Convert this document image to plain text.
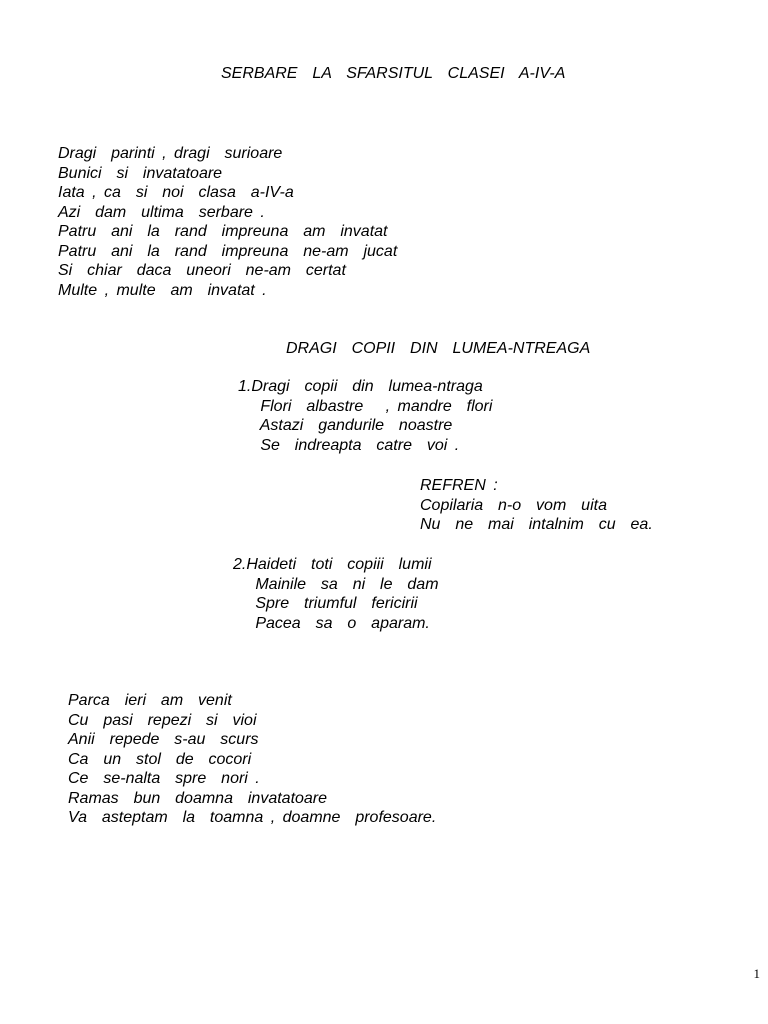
SERBARE  LA  SFARSITUL  CLASEI  A-IV-A
Dragi  parinti , dragi  surioare
Bunici  si  invatatoare
Iata , ca  si  noi  clasa  a-IV-a
Azi  dam  ultima  serbare .
Patru  ani  la  rand  impreuna  am  invatat
Patru  ani  la  rand  impreuna  ne-am  jucat
Si  chiar  daca  uneori  ne-am  certat
Multe , multe  am  invatat .
DRAGI  COPII  DIN  LUMEA-NTREAGA
1.Dragi  copii  din  lumea-ntraga
Flori  albastre   , mandre  flori
Astazi  gandurile  noastre
Se  indreapta  catre  voi .
REFREN :
Copilaria  n-o  vom  uita
Nu  ne  mai  intalnim  cu  ea.
2.Haideti  toti  copiii  lumii
Mainile  sa  ni  le  dam
Spre  triumful  fericirii
Pacea  sa  o  aparam.
Parca  ieri  am  venit
Cu  pasi  repezi  si  vioi
Anii  repede  s-au  scurs
Ca  un  stol  de  cocori
Ce  se-nalta  spre  nori .
Ramas  bun  doamna  invatatoare
Va  asteptam  la  toamna , doamne  profesoare.
1
